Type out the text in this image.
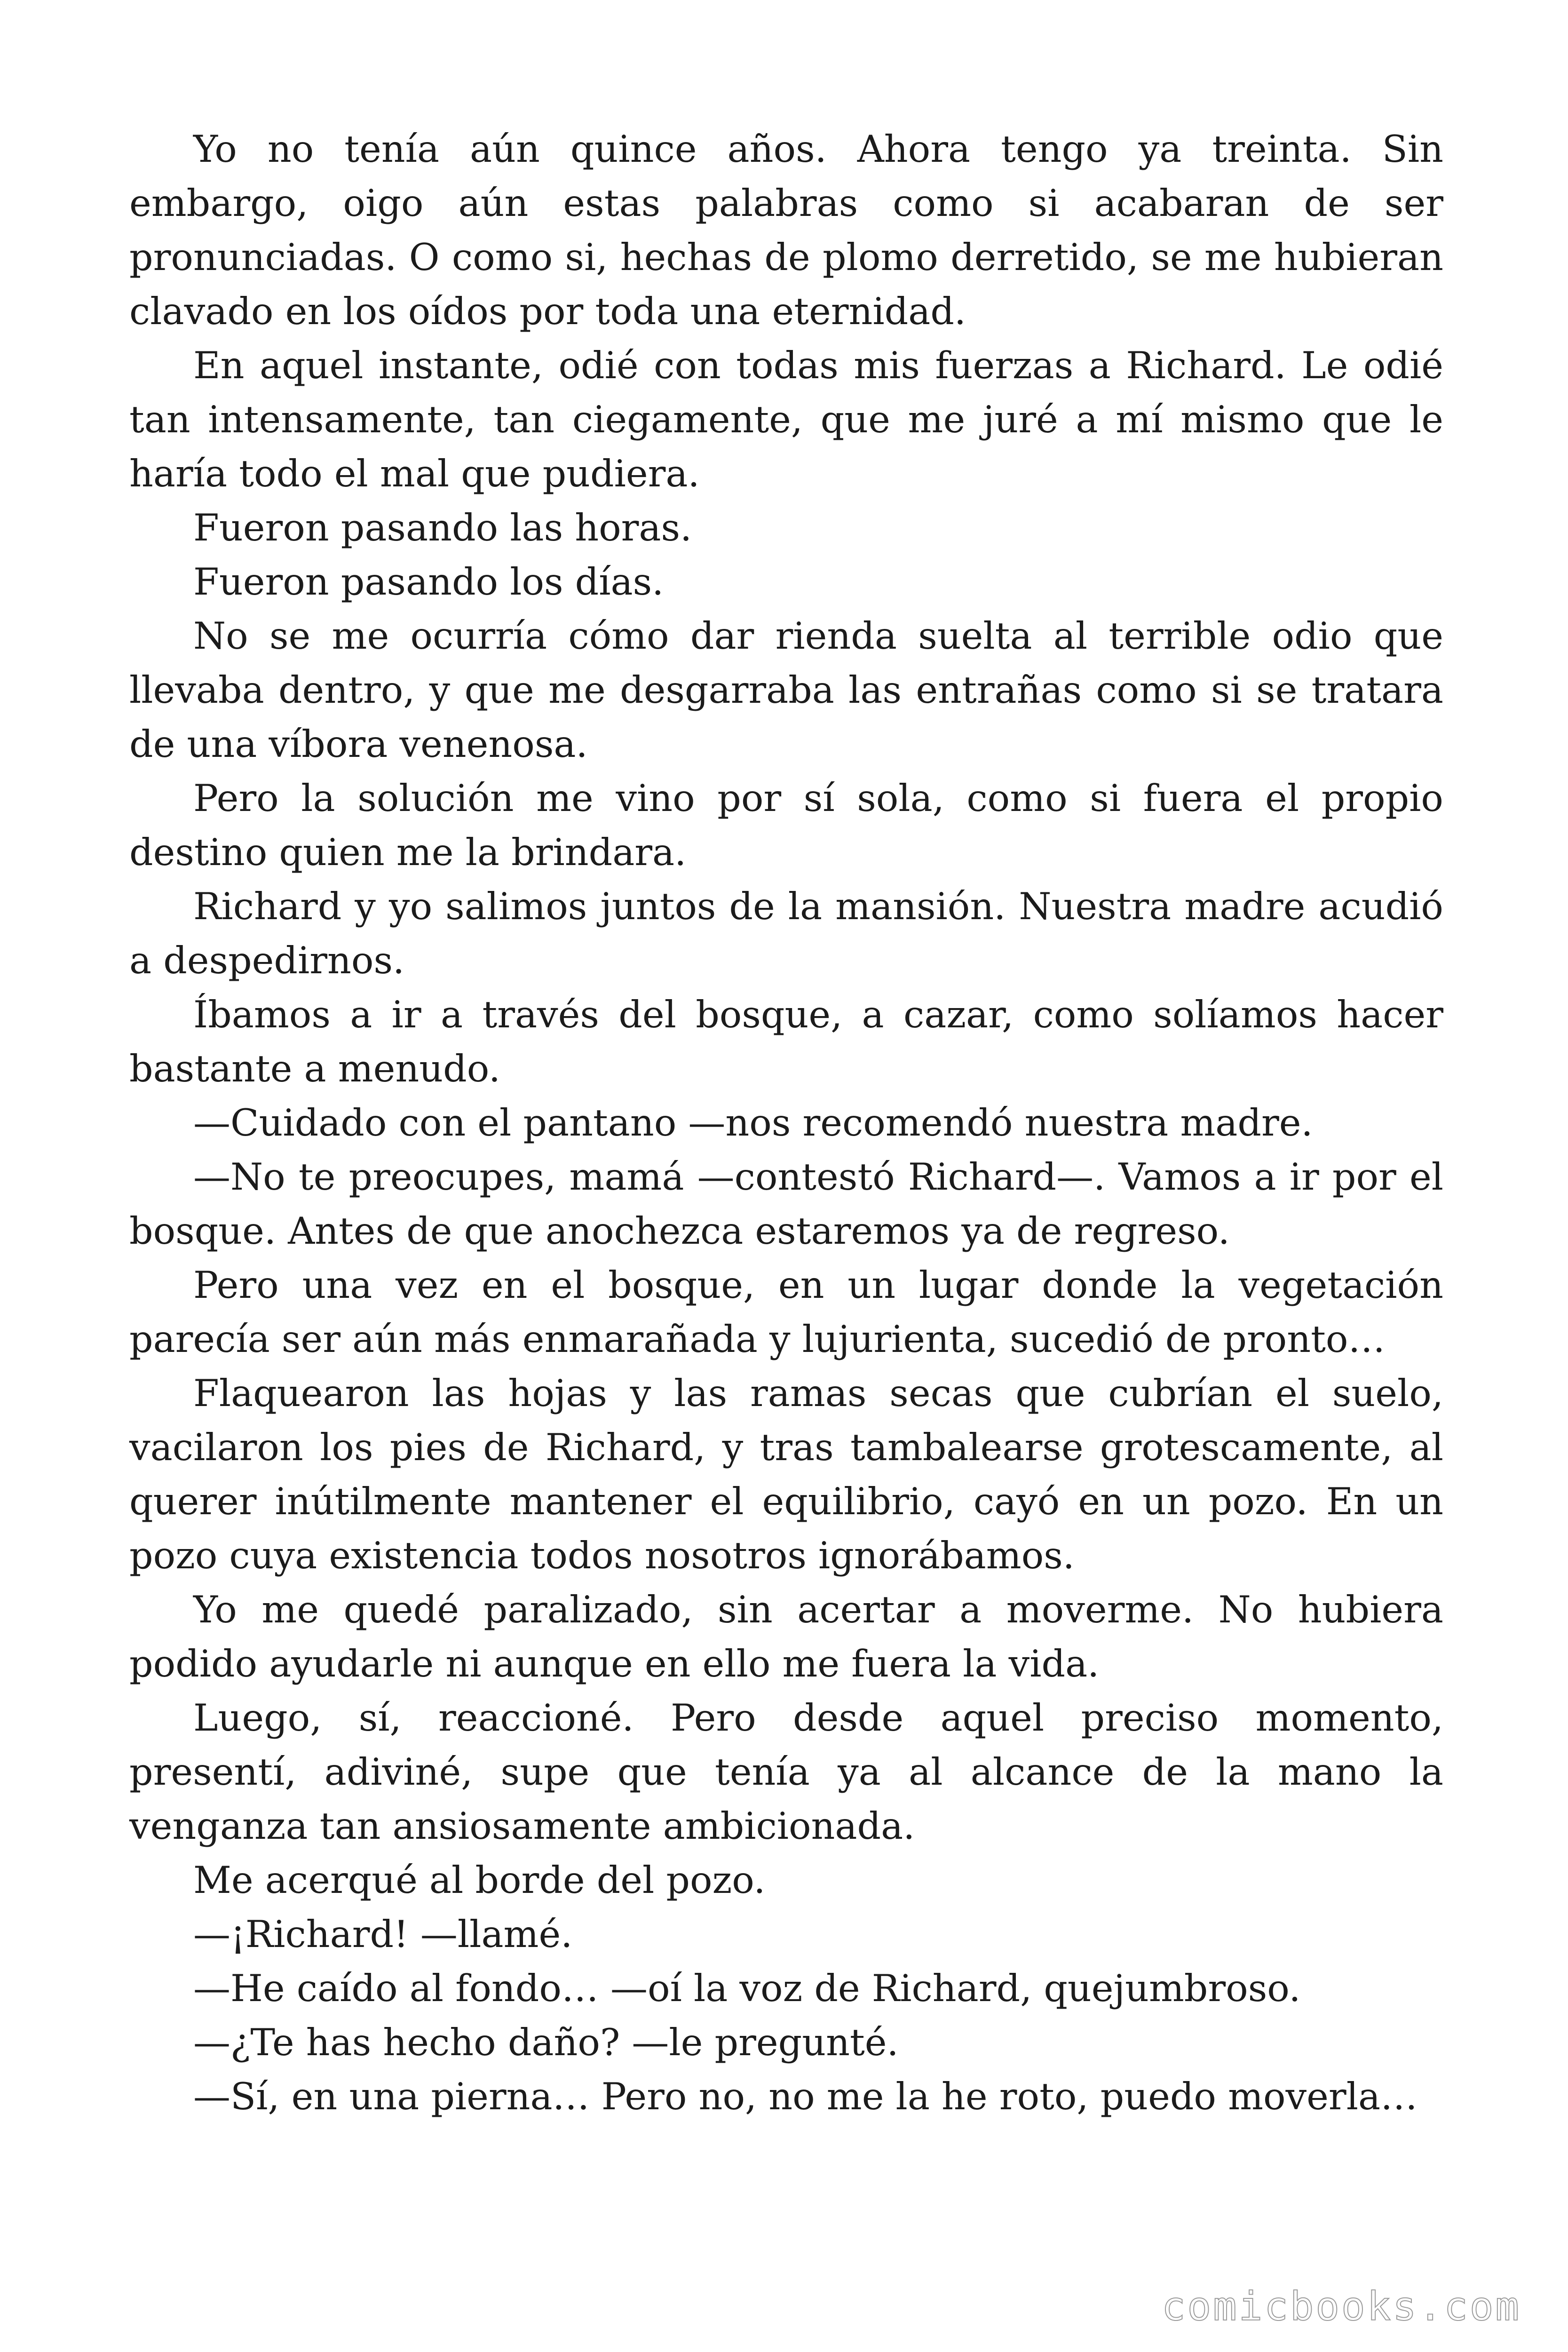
Yo no tenía aún quince años. Ahora tengo ya treinta. Sin embargo, oigo aún estas palabras como si acabaran de ser pronunciadas. O como si, hechas de plomo derretido, se me hubieran clavado en los oídos por toda una eternidad.

En aquel instante, odié con todas mis fuerzas a Richard. Le odié tan intensamente, tan ciegamente, que me juré a mí mismo que le haría todo el mal que pudiera.

Fueron pasando las horas.

Fueron pasando los días.

No se me ocurría cómo dar rienda suelta al terrible odio que llevaba dentro, y que me desgarraba las entrañas como si se tratara de una víbora venenosa.

Pero la solución me vino por sí sola, como si fuera el propio destino quien me la brindara.

Richard y yo salimos juntos de la mansión. Nuestra madre acudió a despedirnos.

Íbamos a ir a través del bosque, a cazar, como solíamos hacer bastante a menudo.

—Cuidado con el pantano —nos recomendó nuestra madre.

—No te preocupes, mamá —contestó Richard—. Vamos a ir por el bosque. Antes de que anochezca estaremos ya de regreso.

Pero una vez en el bosque, en un lugar donde la vegetación parecía ser aún más enmarañada y lujurienta, sucedió de pronto…

Flaquearon las hojas y las ramas secas que cubrían el suelo, vacilaron los pies de Richard, y tras tambalearse grotescamente, al querer inútilmente mantener el equilibrio, cayó en un pozo. En un pozo cuya existencia todos nosotros ignorábamos.

Yo me quedé paralizado, sin acertar a moverme. No hubiera podido ayudarle ni aunque en ello me fuera la vida.

Luego, sí, reaccioné. Pero desde aquel preciso momento, presentí, adiviné, supe que tenía ya al alcance de la mano la venganza tan ansiosamente ambicionada.

Me acerqué al borde del pozo.

—¡Richard! —llamé.

—He caído al fondo… —oí la voz de Richard, quejumbroso.

—¿Te has hecho daño? —le pregunté.

—Sí, en una pierna… Pero no, no me la he roto, puedo moverla…

comicbooks.com
